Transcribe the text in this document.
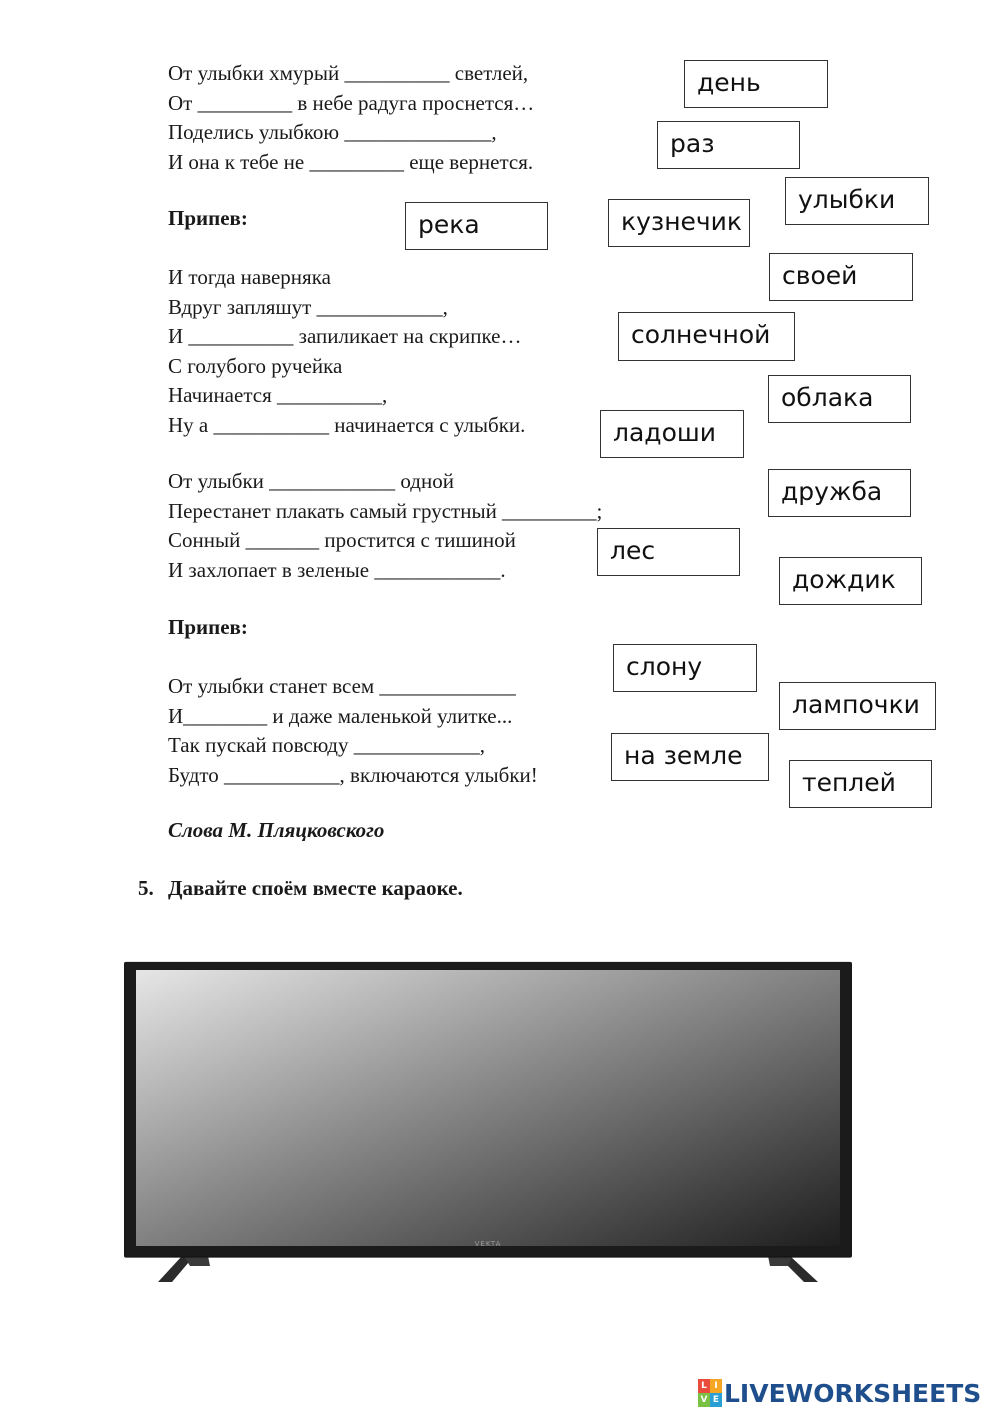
От улыбки хмурый __________ светлей,
От _________ в небе радуга проснется…
Поделись улыбкою ______________,
И она к тебе не _________ еще вернется.
Припев:
И тогда наверняка
Вдруг запляшут ____________,
И __________ запиликает на скрипке…
С голубого ручейка
Начинается __________,
Ну а ___________ начинается с улыбки.
От улыбки ____________ одной
Перестанет плакать самый грустный _________;
Сонный _______ простится с тишиной
И захлопает в зеленые ____________.
Припев:
От улыбки станет всем _____________
И________ и даже маленькой улитке...
Так пускай повсюду ____________,
Будто ___________, включаются улыбки!
Слова М. Пляцковского
5. Давайте споём вместе караоке.
день
раз
улыбки
река	кузнечик
своей
солнечной
облака
ладоши
дружба
лес
дождик
слону
лампочки
на земле
теплей
VEKTA
L I
V E LIVEWORKSHEETS
